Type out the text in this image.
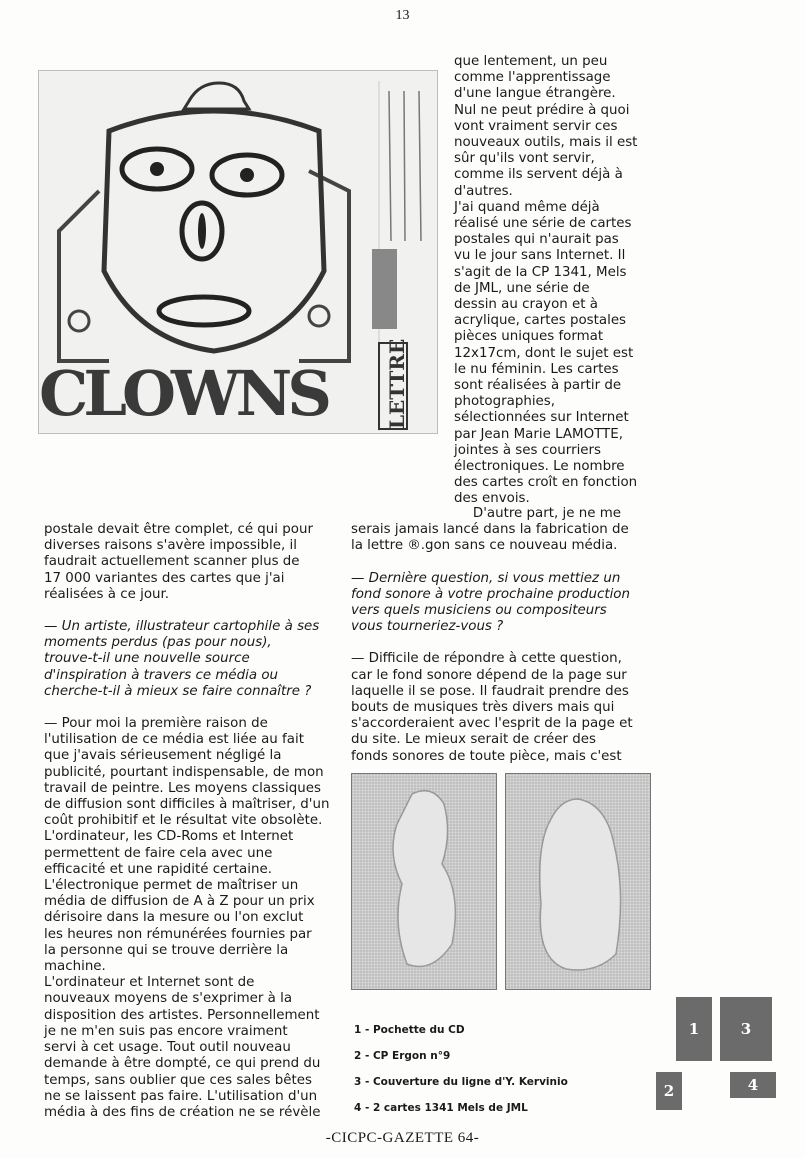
13
CLOWNS	LETTRE

que lentement, un peu

comme l'apprentissage

d'une langue étrangère.

Nul ne peut prédire à quoi

vont vraiment servir ces

nouveaux outils, mais il est

sûr qu'ils vont servir,

comme ils servent déjà à

d'autres.

J'ai quand même déjà

réalisé une série de cartes

postales qui n'aurait pas

vu le jour sans Internet. Il

s'agit de la CP 1341, Mels

de JML, une série de

dessin au crayon et à

acrylique, cartes postales

pièces uniques format

12x17cm, dont le sujet est

le nu féminin. Les cartes

sont réalisées à partir de

photographies,

sélectionnées sur Internet

par Jean Marie LAMOTTE,

jointes à ses courriers

électroniques. Le nombre

des cartes croît en fonction

des envois.

D'autre part, je ne me

serais jamais lancé dans la fabrication de

la lettre ®.gon sans ce nouveau média.

— Dernière question, si vous mettiez un

fond sonore à votre prochaine production

vers quels musiciens ou compositeurs

vous tourneriez-vous ?

— Difficile de répondre à cette question,

car le fond sonore dépend de la page sur

laquelle il se pose. Il faudrait prendre des

bouts de musiques très divers mais qui

s'accorderaient avec l'esprit de la page et

du site. Le mieux serait de créer des

fonds sonores de toute pièce, mais c'est

postale devait être complet, cé qui pour

diverses raisons s'avère impossible, il

faudrait actuellement scanner plus de

17 000 variantes des cartes que j'ai

réalisées à ce jour.

— Un artiste, illustrateur cartophile à ses

moments perdus (pas pour nous),

trouve-t-il une nouvelle source

d'inspiration à travers ce média ou

cherche-t-il à mieux se faire connaître ?

— Pour moi la première raison de

l'utilisation de ce média est liée au fait

que j'avais sérieusement négligé la

publicité, pourtant indispensable, de mon

travail de peintre. Les moyens classiques

de diffusion sont difficiles à maîtriser, d'un

coût prohibitif et le résultat vite obsolète.

L'ordinateur, les CD-Roms et Internet

permettent de faire cela avec une

efficacité et une rapidité certaine.

L'électronique permet de maîtriser un

média de diffusion de A à Z pour un prix

dérisoire dans la mesure ou l'on exclut

les heures non rémunérées fournies par

la personne qui se trouve derrière la

machine.

L'ordinateur et Internet sont de

nouveaux moyens de s'exprimer à la

disposition des artistes. Personnellement

je ne m'en suis pas encore vraiment

servi à cet usage. Tout outil nouveau

demande à être dompté, ce qui prend du

temps, sans oublier que ces sales bêtes

ne se laissent pas faire. L'utilisation d'un

média à des fins de création ne se révèle

1 - Pochette du CD
2 - CP Ergon n°9
3 - Couverture du ligne d'Y. Kervinio
4 - 2 cartes 1341 Mels de JML
1	3
2	4
-CICPC-GAZETTE 64-
